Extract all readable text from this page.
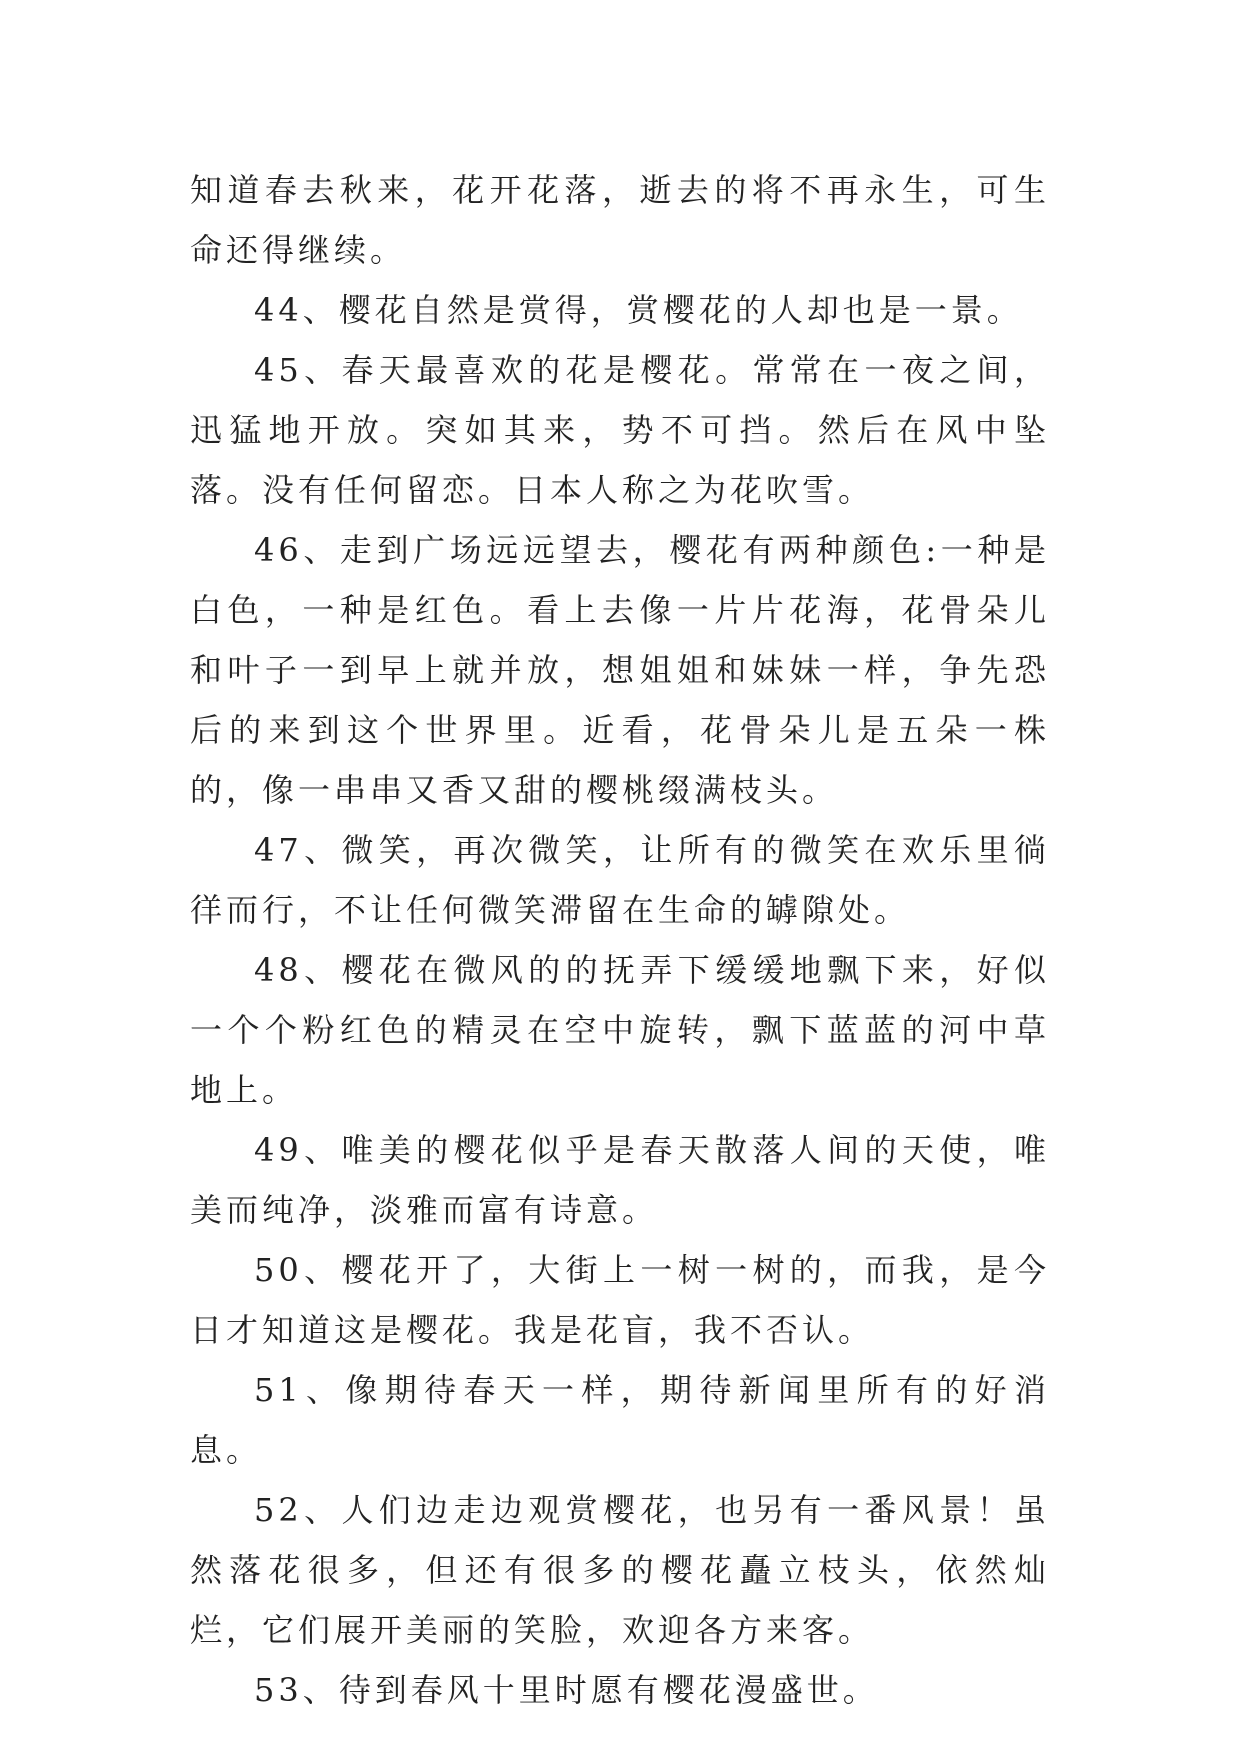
知道春去秋来，花开花落，逝去的将不再永生，可生命还得继续。

44、樱花自然是赏得，赏樱花的人却也是一景。

45、春天最喜欢的花是樱花。常常在一夜之间，迅猛地开放。突如其来，势不可挡。然后在风中坠落。没有任何留恋。日本人称之为花吹雪。

46、走到广场远远望去，樱花有两种颜色:一种是白色，一种是红色。看上去像一片片花海，花骨朵儿和叶子一到早上就并放，想姐姐和妹妹一样，争先恐后的来到这个世界里。近看，花骨朵儿是五朵一株的，像一串串又香又甜的樱桃缀满枝头。

47、微笑，再次微笑，让所有的微笑在欢乐里徜徉而行，不让任何微笑滞留在生命的罅隙处。

48、樱花在微风的的抚弄下缓缓地飘下来，好似一个个粉红色的精灵在空中旋转，飘下蓝蓝的河中草地上。

49、唯美的樱花似乎是春天散落人间的天使，唯美而纯净，淡雅而富有诗意。

50、樱花开了，大街上一树一树的，而我，是今日才知道这是樱花。我是花盲，我不否认。

51、像期待春天一样，期待新闻里所有的好消息。

52、人们边走边观赏樱花，也另有一番风景！虽然落花很多，但还有很多的樱花矗立枝头，依然灿烂，它们展开美丽的笑脸，欢迎各方来客。

53、待到春风十里时愿有樱花漫盛世。
